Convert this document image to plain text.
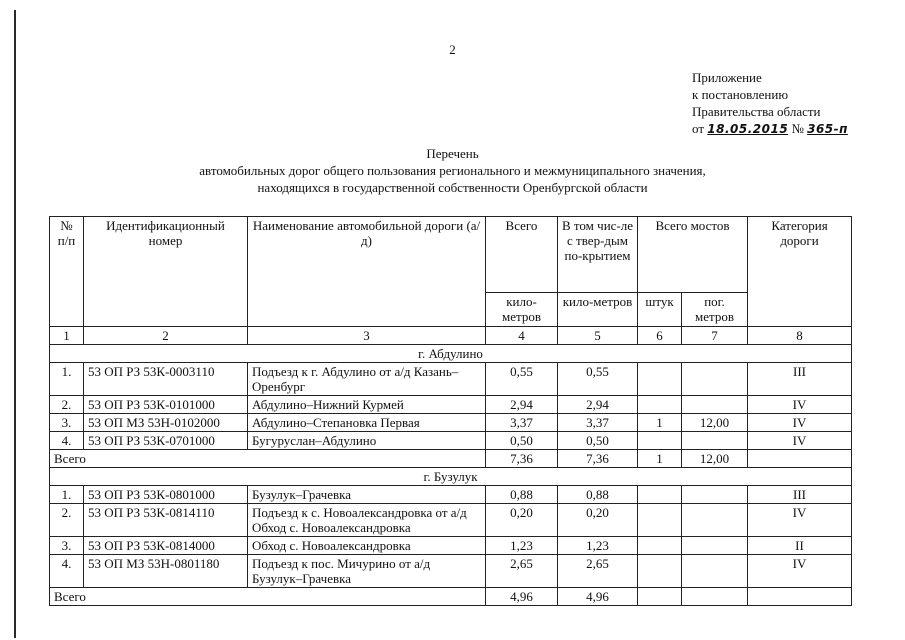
2
Приложение
к постановлению
Правительства области
от 18.05.2015 № 365-п
Перечень
автомобильных дорог общего пользования регионального и межмуниципального значения,
находящихся в государственной собственности Оренбургской области
№ п/п	Идентификационный номер	Наименование автомобильной дороги (а/д)	Всего	В том чис-ле с твер-дым по-крытием	Всего мостов		Категория дороги
			кило-метров	кило-метров	штук	пог. метров	
1	2	3	4	5	6	7	8
г. Абдулино							
1.	53 ОП РЗ 53К-0003110	Подъезд к г. Абдулино от а/д Казань–Оренбург	0,55	0,55			III
2.	53 ОП РЗ 53К-0101000	Абдулино–Нижний Курмей	2,94	2,94			IV
3.	53 ОП МЗ 53Н-0102000	Абдулино–Степановка Первая	3,37	3,37	1	12,00	IV
4.	53 ОП РЗ 53К-0701000	Бугуруслан–Абдулино	0,50	0,50			IV
Всего			7,36	7,36	1	12,00	
г. Бузулук							
1.	53 ОП РЗ 53К-0801000	Бузулук–Грачевка	0,88	0,88			III
2.	53 ОП РЗ 53К-0814110	Подъезд к с. Новоалександровка от а/д Обход с. Новоалександровка	0,20	0,20			IV
3.	53 ОП РЗ 53К-0814000	Обход с. Новоалександровка	1,23	1,23			II
4.	53 ОП МЗ 53Н-0801180	Подъезд к пос. Мичурино от а/д Бузулук–Грачевка	2,65	2,65			IV
Всего			4,96	4,96			
